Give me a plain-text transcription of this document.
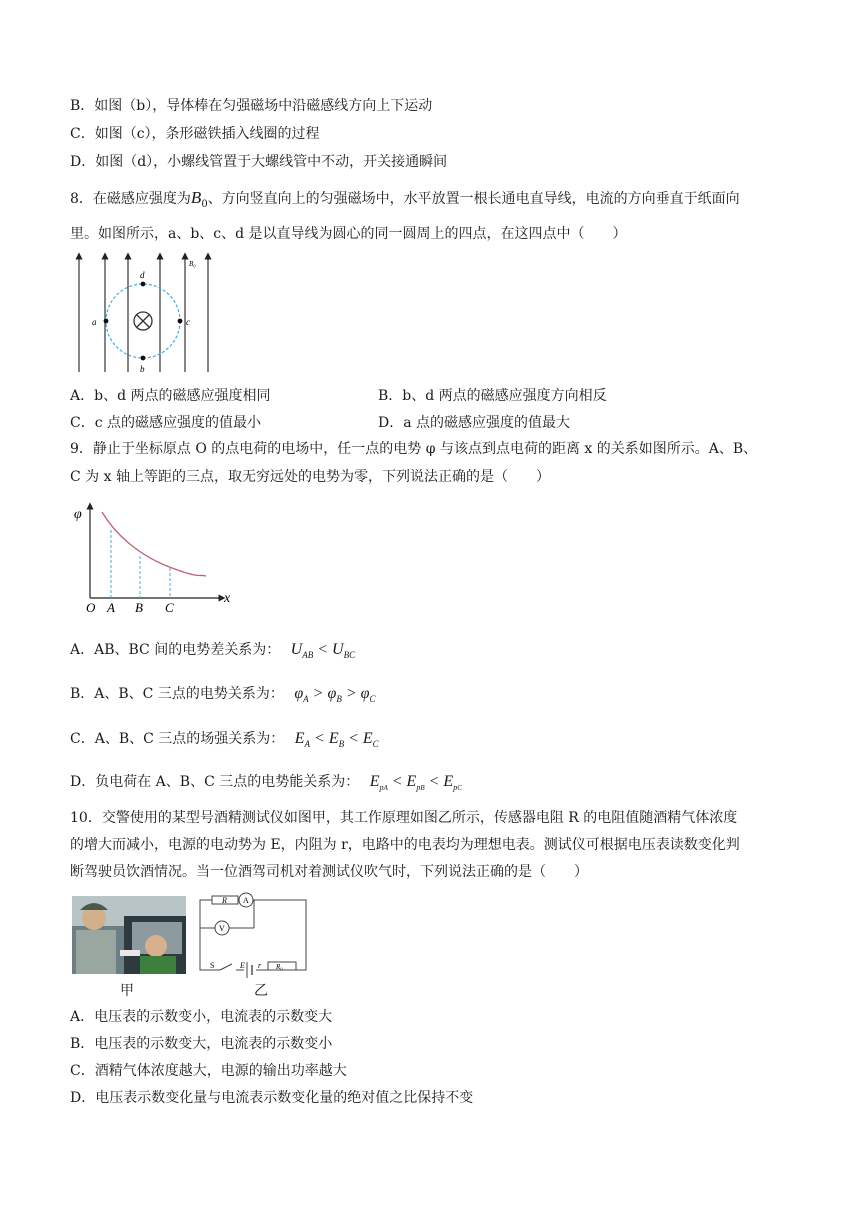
B．如图（b），导体棒在匀强磁场中沿磁感线方向上下运动
C．如图（c），条形磁铁插入线圈的过程
D．如图（d），小螺线管置于大螺线管中不动，开关接通瞬间
8．在磁感应强度为$B_0$、方向竖直向上的匀强磁场中，水平放置一根长通电直导线，电流的方向垂直于纸面向
里。如图所示，a、b、c、d 是以直导线为圆心的同一圆周上的四点，在这四点中（　　）
a	c
d
b
B₀
A．b、d 两点的磁感应强度相同	B．b、d 两点的磁感应强度方向相反
C．c 点的磁感应强度的值最小	D．a 点的磁感应强度的值最大
9．静止于坐标原点 O 的点电荷的电场中，任一点的电势 φ 与该点到点电荷的距离 x 的关系如图所示。A、B、
C 为 x 轴上等距的三点，取无穷远处的电势为零，下列说法正确的是（　　）
φ
x
O A B C
A．AB、BC 间的电势差关系为： $U_{AB} < U_{BC}$
B．A、B、C 三点的电势关系为： $\varphi_A > \varphi_B > \varphi_C$
C．A、B、C 三点的场强关系为： $E_A < E_B < E_C$
D．负电荷在 A、B、C 三点的电势能关系为： $E_{pA} < E_{pB} < E_{pC}$
10．交警使用的某型号酒精测试仪如图甲，其工作原理如图乙所示，传感器电阻 R 的电阻值随酒精气体浓度
的增大而减小，电源的电动势为 E，内阻为 r，电路中的电表均为理想电表。测试仪可根据电压表读数变化判
断驾驶员饮酒情况。当一位酒驾司机对着测试仪吹气时，下列说法正确的是（　　）
甲
R A
V
S	E r R₀
乙
A．电压表的示数变小，电流表的示数变大
B．电压表的示数变大，电流表的示数变小
C．酒精气体浓度越大，电源的输出功率越大
D．电压表示数变化量与电流表示数变化量的绝对值之比保持不变
